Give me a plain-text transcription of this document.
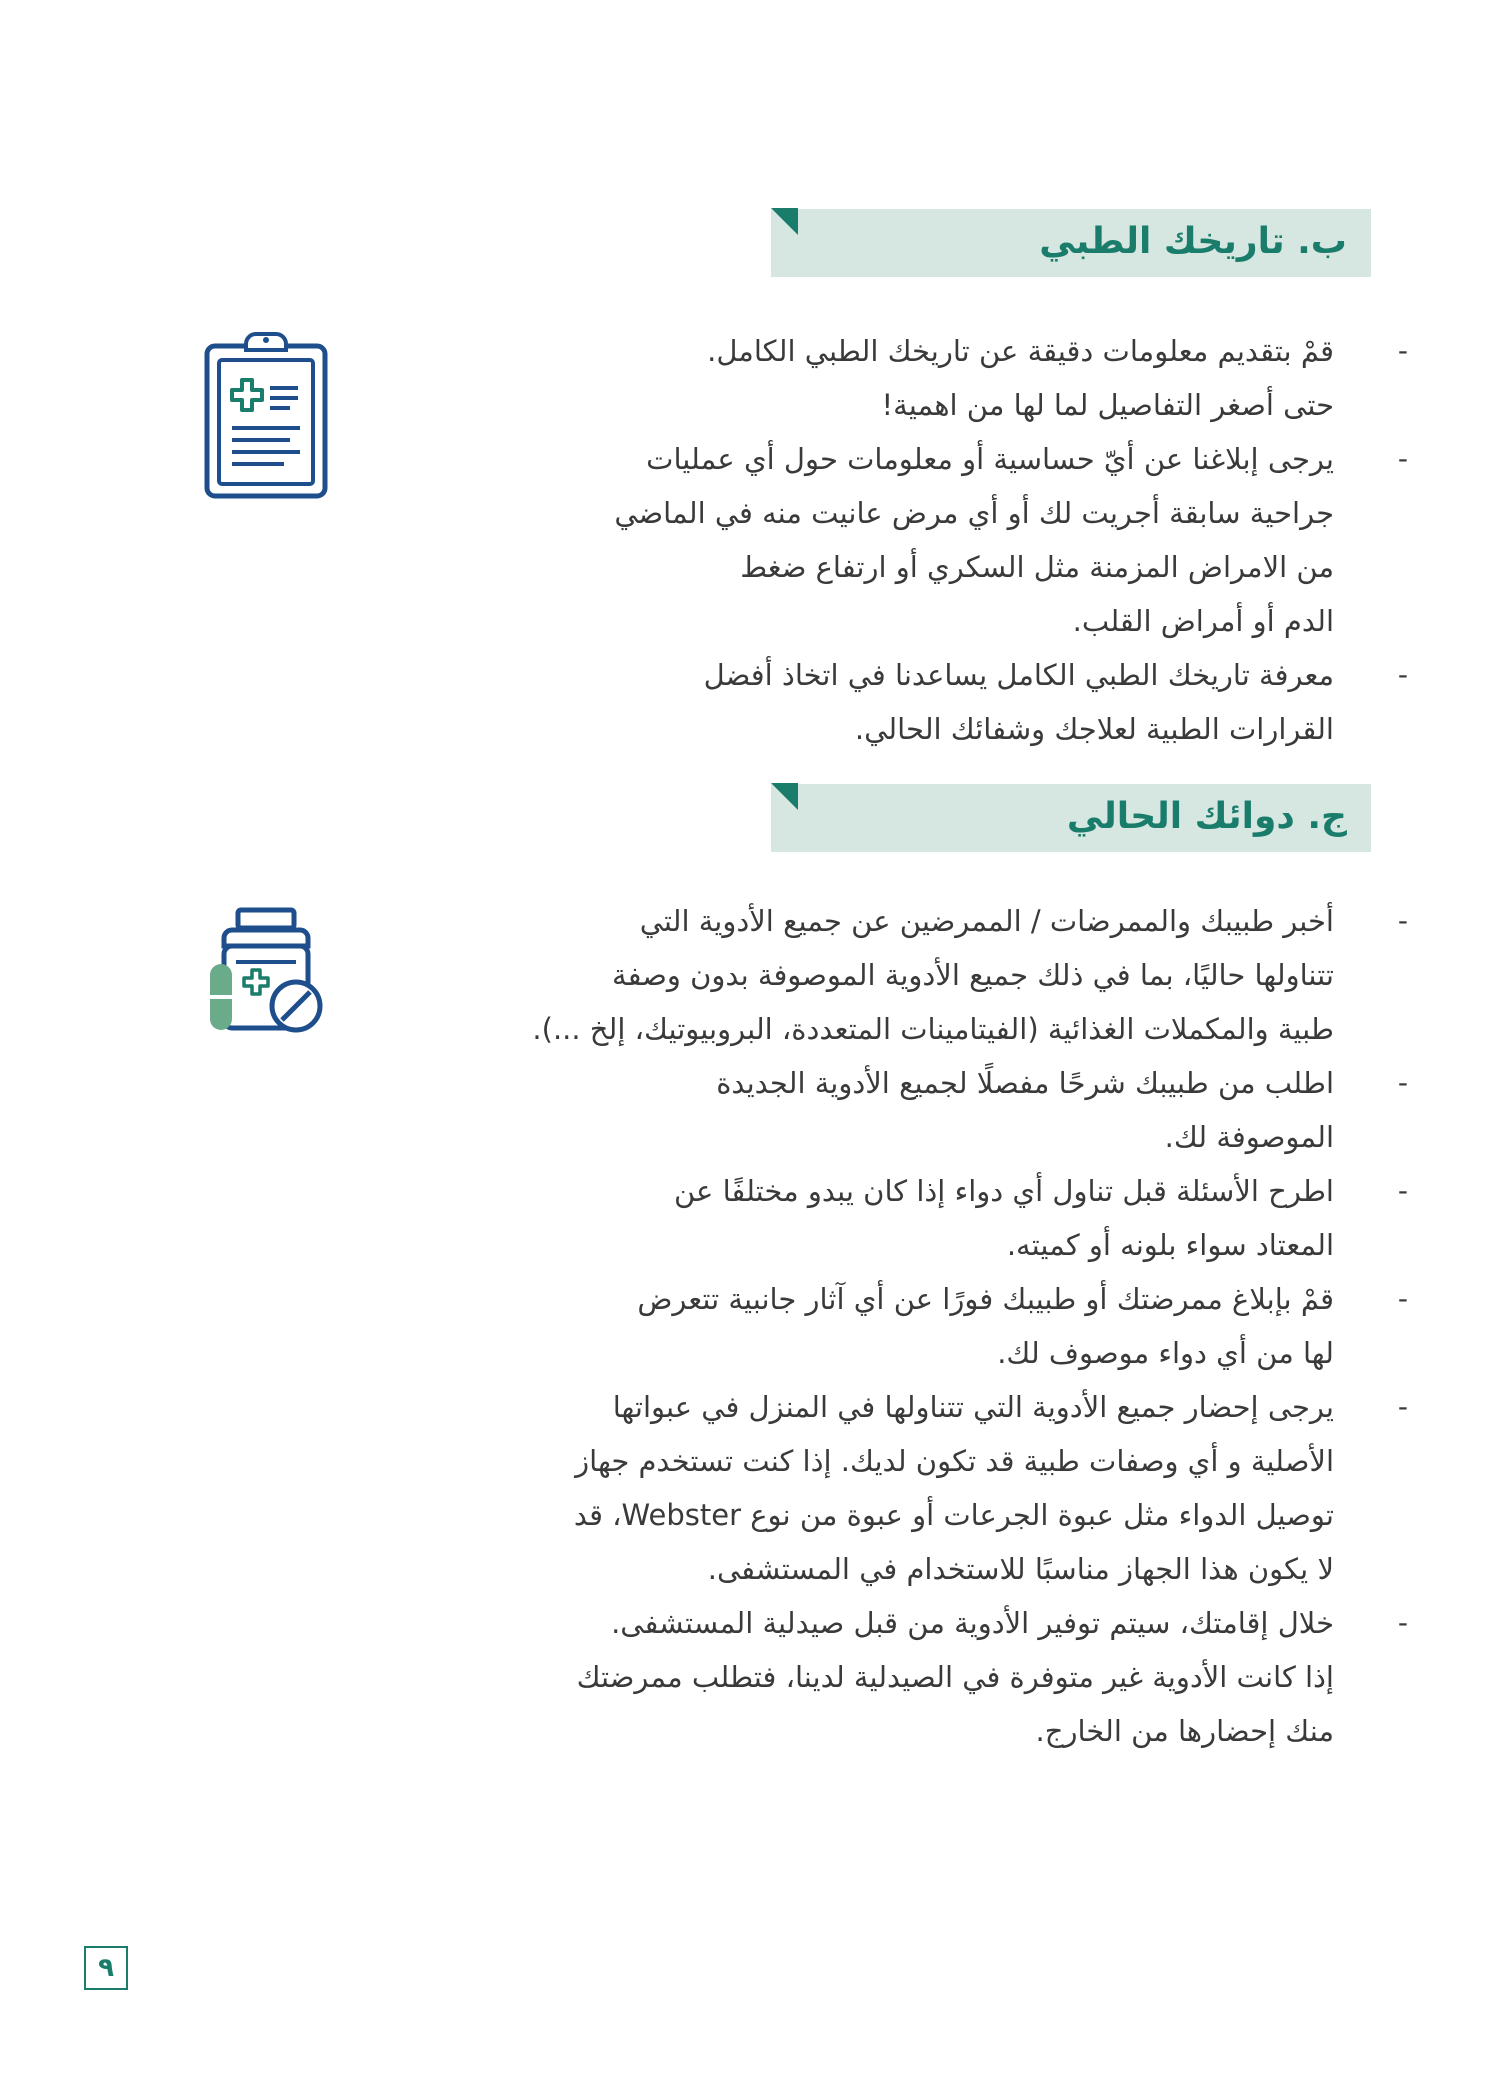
ب. تاريخك الطبي
-
قمْ بتقديم معلومات دقيقة عن تاريخك الطبي الكامل.
حتى أصغر التفاصيل لما لها من اهمية!
-
يرجى إبلاغنا عن أيّ حساسية أو معلومات حول أي عمليات
جراحية سابقة أجريت لك أو أي مرض عانيت منه في الماضي
من الامراض المزمنة مثل السكري أو ارتفاع ضغط
الدم أو أمراض القلب.
-
معرفة تاريخك الطبي الكامل يساعدنا في اتخاذ أفضل
القرارات الطبية لعلاجك وشفائك الحالي.
ج. دوائك الحالي
-
أخبر طبيبك والممرضات / الممرضين عن جميع الأدوية التي
تتناولها حاليًا، بما في ذلك جميع الأدوية الموصوفة بدون وصفة
طبية والمكملات الغذائية (الفيتامينات المتعددة، البروبيوتيك، إلخ ...).
-
اطلب من طبيبك شرحًا مفصلًا لجميع الأدوية الجديدة
الموصوفة لك.
-
اطرح الأسئلة قبل تناول أي دواء إذا كان يبدو مختلفًا عن
المعتاد سواء بلونه أو كميته.
-
قمْ بإبلاغ ممرضتك أو طبيبك فورًا عن أي آثار جانبية تتعرض
لها من أي دواء موصوف لك.
-
يرجى إحضار جميع الأدوية التي تتناولها في المنزل في عبواتها
الأصلية و أي وصفات طبية قد تكون لديك. إذا كنت تستخدم جهاز
توصيل الدواء مثل عبوة الجرعات أو عبوة من نوع Webster، قد
لا يكون هذا الجهاز مناسبًا للاستخدام في المستشفى.
-
خلال إقامتك، سيتم توفير الأدوية من قبل صيدلية المستشفى.
إذا كانت الأدوية غير متوفرة في الصيدلية لدينا، فتطلب ممرضتك
منك إحضارها من الخارج.
٩
